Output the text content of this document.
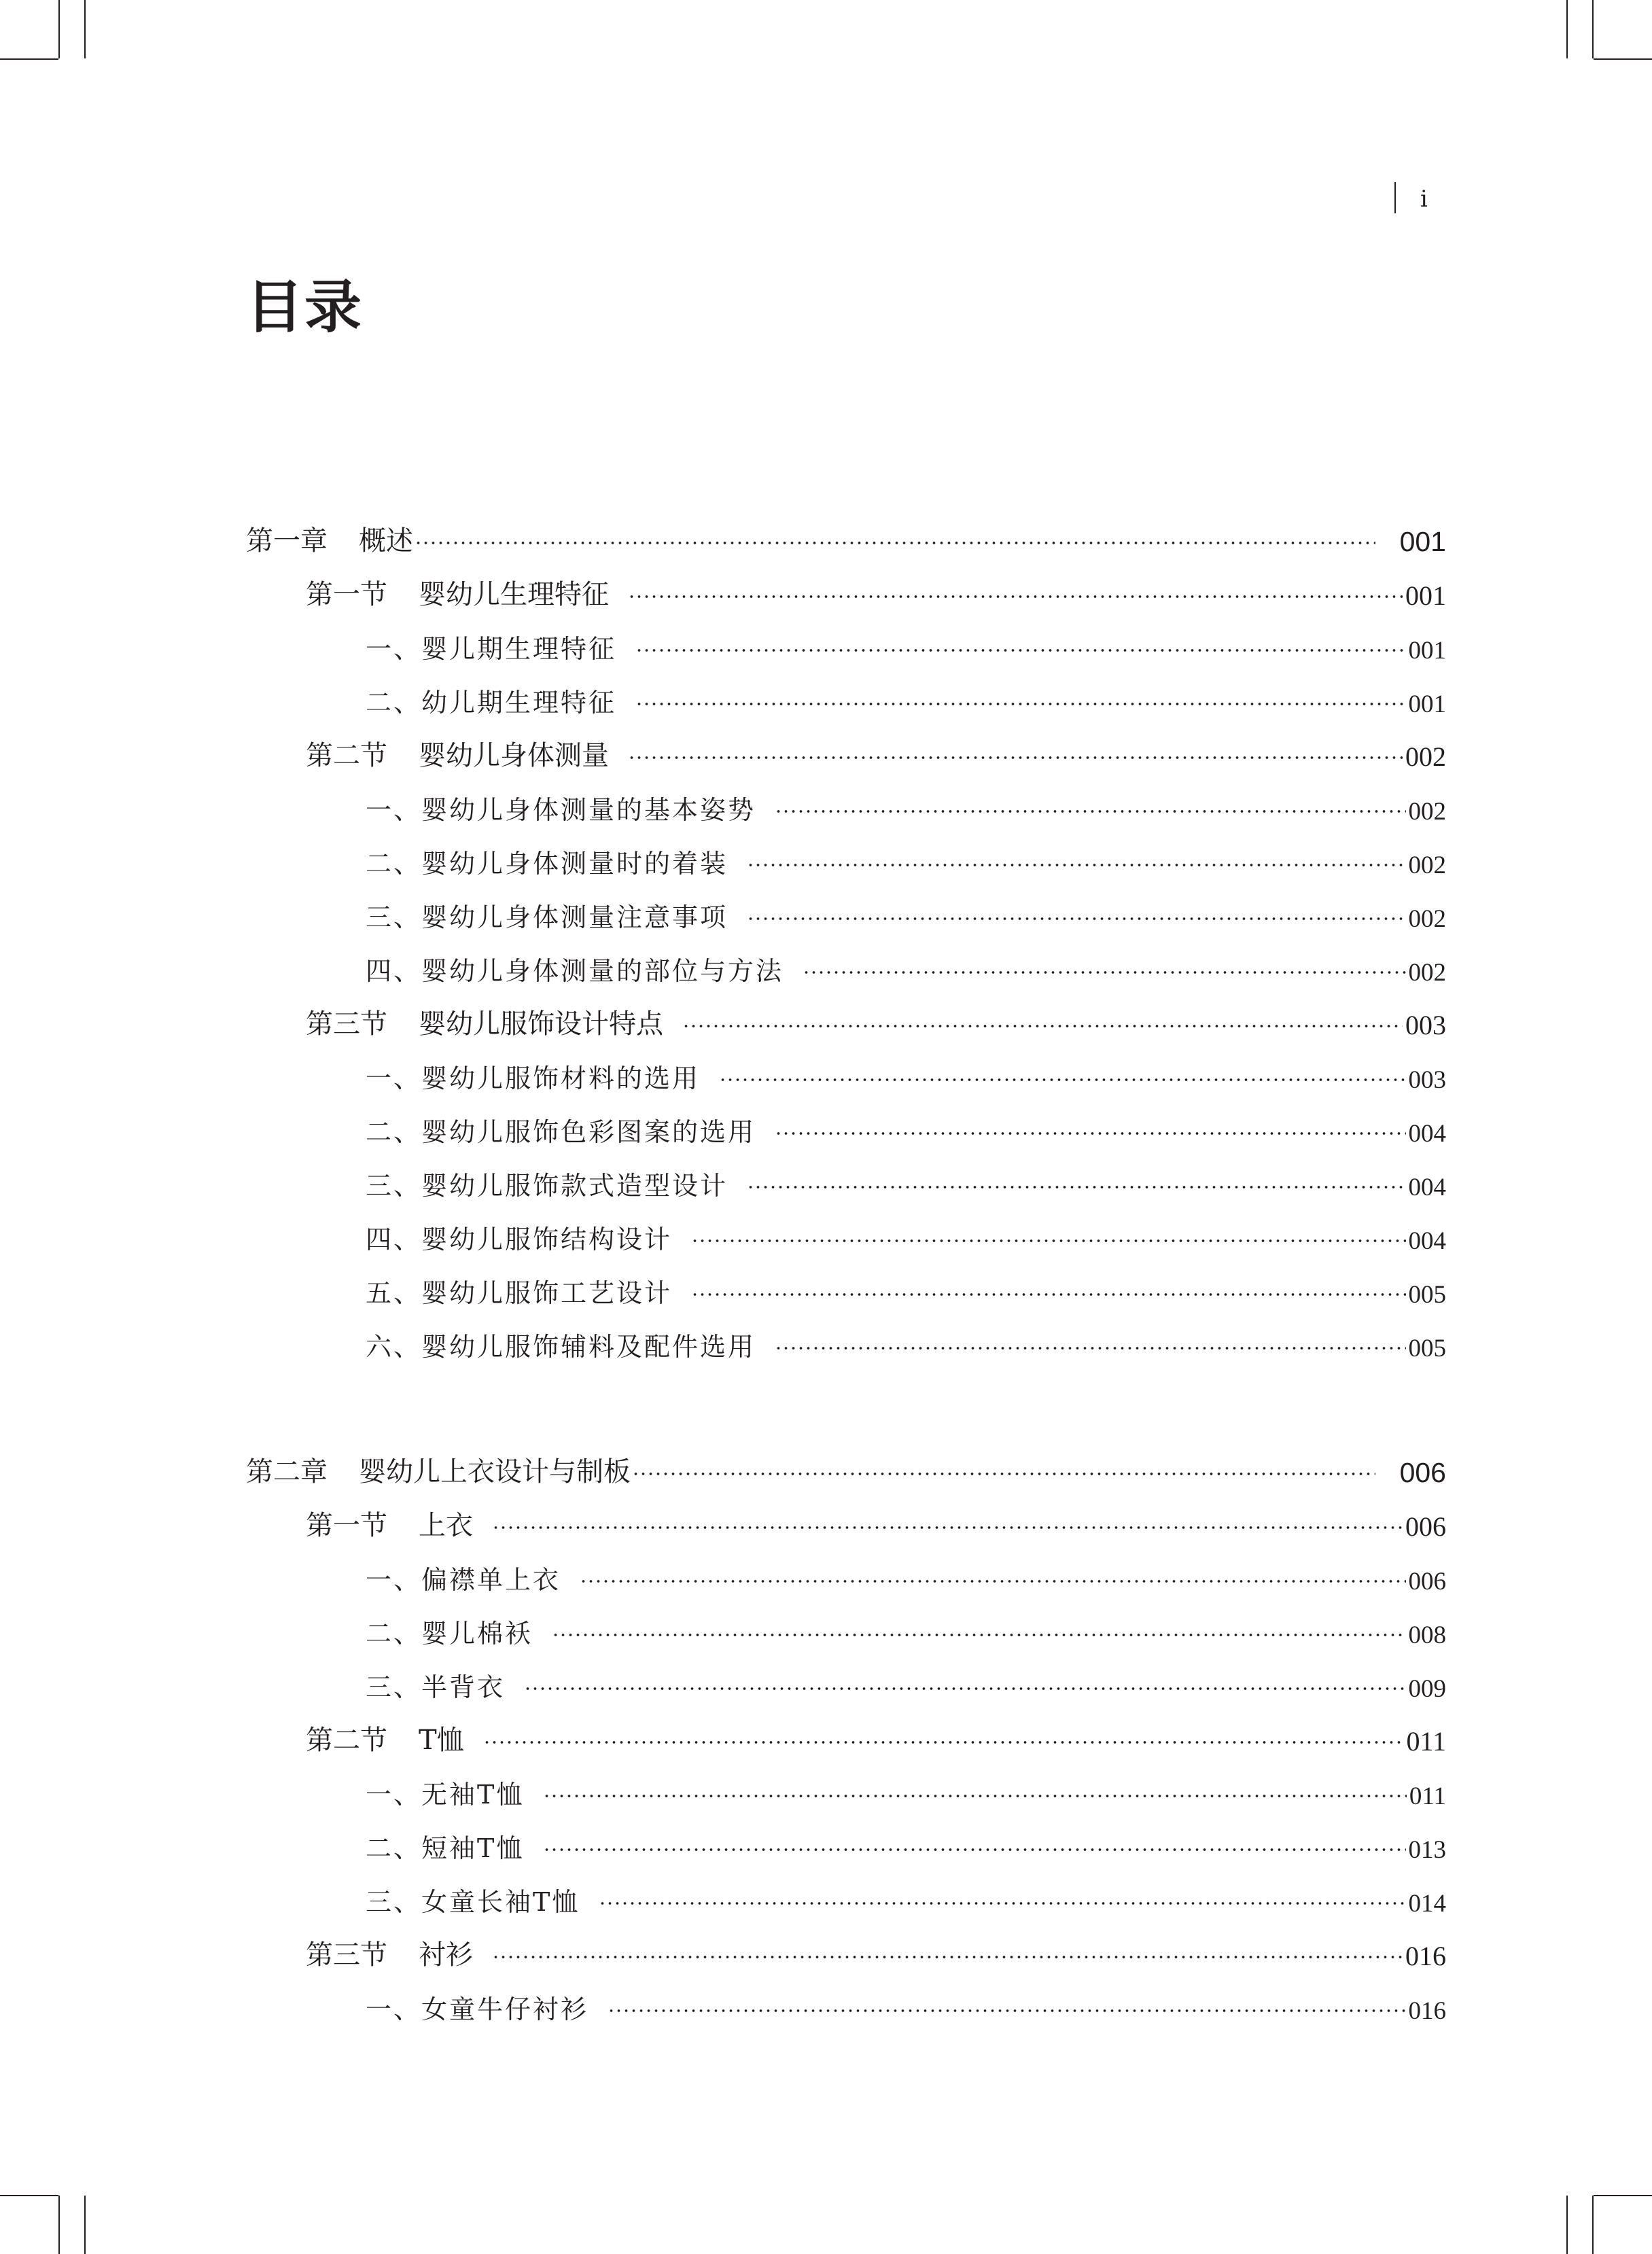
i
目录
第一章 概述	001
第一节 婴幼儿生理特征	001
一、婴儿期生理特征	001
二、幼儿期生理特征	001
第二节 婴幼儿身体测量	002
一、婴幼儿身体测量的基本姿势	002
二、婴幼儿身体测量时的着装	002
三、婴幼儿身体测量注意事项	002
四、婴幼儿身体测量的部位与方法	002
第三节 婴幼儿服饰设计特点	003
一、婴幼儿服饰材料的选用	003
二、婴幼儿服饰色彩图案的选用	004
三、婴幼儿服饰款式造型设计	004
四、婴幼儿服饰结构设计	004
五、婴幼儿服饰工艺设计	005
六、婴幼儿服饰辅料及配件选用	005
第二章 婴幼儿上衣设计与制板	006
第一节 上衣	006
一、偏襟单上衣	006
二、婴儿棉袄	008
三、半背衣	009
第二节 T恤	011
一、无袖T恤	011
二、短袖T恤	013
三、女童长袖T恤	014
第三节 衬衫	016
一、女童牛仔衬衫	016
